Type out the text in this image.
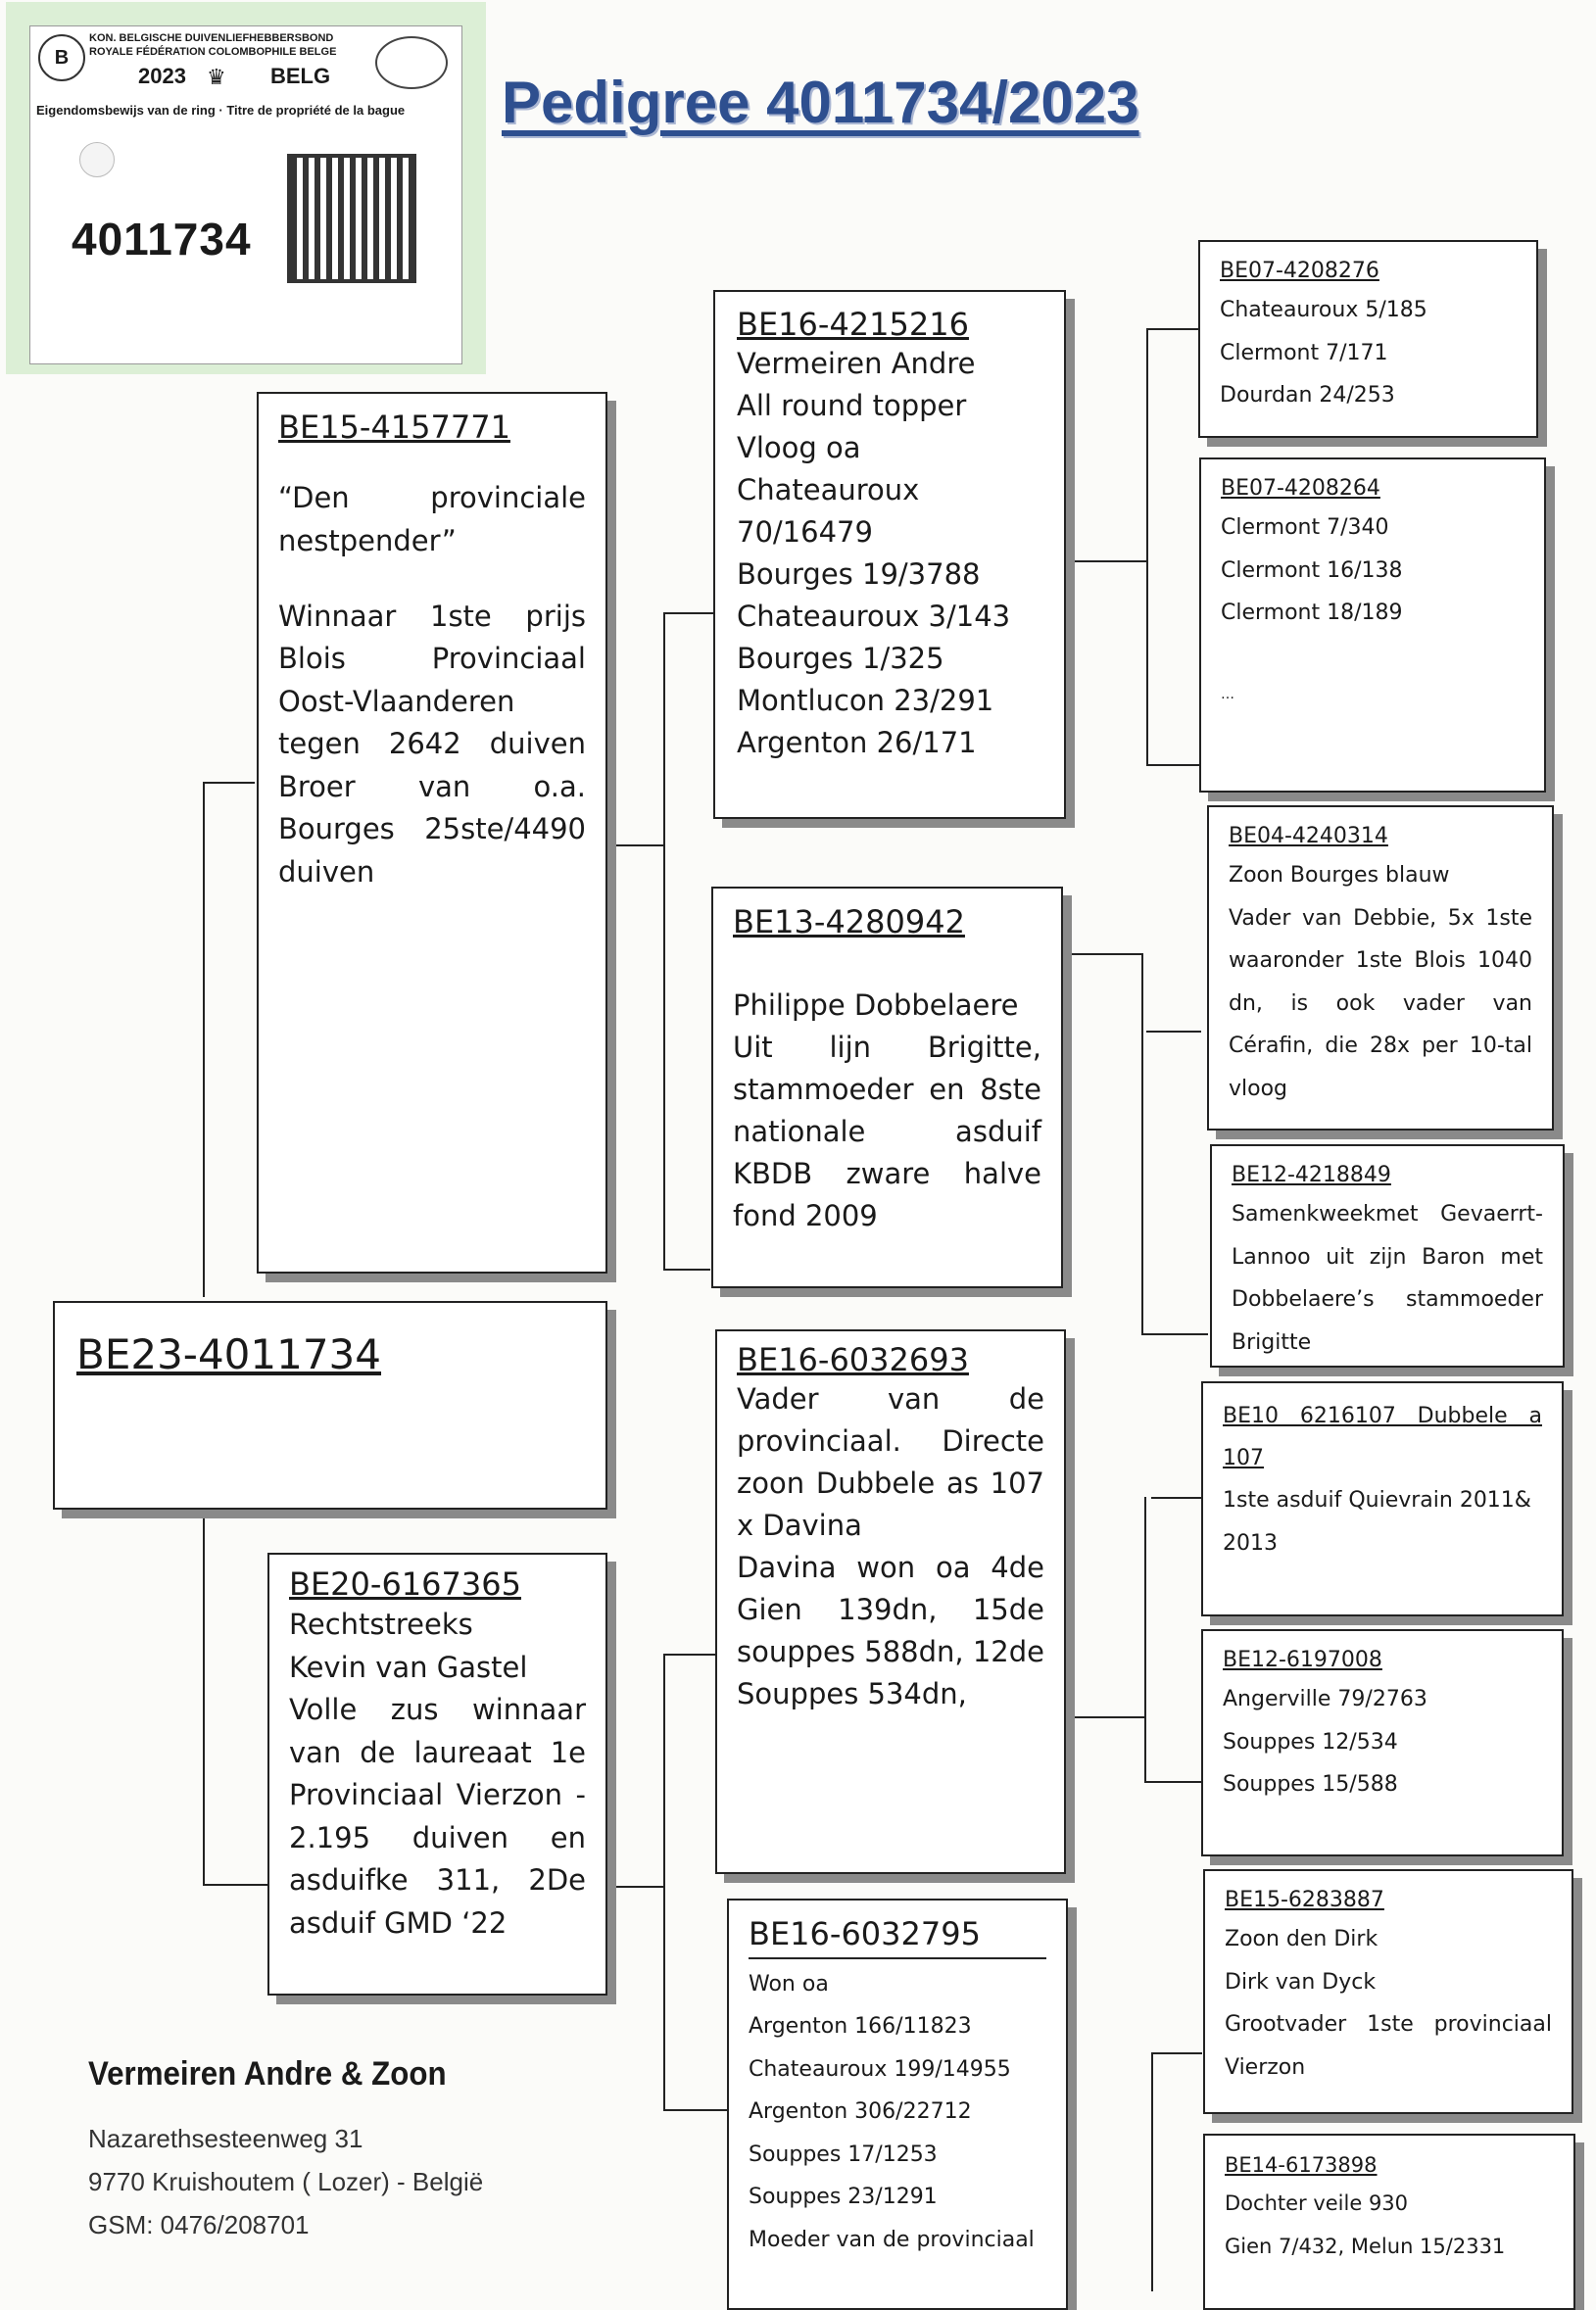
B
KON. BELGISCHE DUIVENLIEFHEBBERSBOND
ROYALE FÉDÉRATION COLOMBOPHILE BELGE
2023 ♛ BELG
Eigendomsbewijs van de ring · Titre de propriété de la bague
4011734
Pedigree 4011734/2023
BE23-4011734
BE15-4157771
“Den provinciale nestpender”
Winnaar 1ste prijs Blois Provinciaal Oost-Vlaanderen tegen 2642 duiven Broer van o.a. Bourges 25ste/4490 duiven
BE20-6167365
Rechtstreeks
Kevin van Gastel
Volle zus winnaar van de laureaat 1e Provinciaal Vierzon - 2.195 duiven en asduifke 311, 2De asduif GMD ‘22
BE16-4215216
Vermeiren Andre
All round topper
Vloog oa
Chateauroux
70/16479
Bourges 19/3788
Chateauroux 3/143
Bourges 1/325
Montlucon 23/291
Argenton 26/171
BE13-4280942
Philippe Dobbelaere
Uit lijn Brigitte, stammoeder en 8ste nationale asduif KBDB zware halve fond 2009
BE16-6032693
Vader van de provinciaal. Directe zoon Dubbele as 107 x Davina
Davina won oa 4de Gien 139dn, 15de souppes 588dn, 12de Souppes 534dn,
BE16-6032795
Won oa
Argenton 166/11823
Chateauroux 199/14955
Argenton 306/22712
Souppes 17/1253
Souppes 23/1291
Moeder van de provinciaal
BE07-4208276
Chateauroux 5/185
Clermont 7/171
Dourdan 24/253
BE07-4208264
Clermont 7/340
Clermont 16/138
Clermont 18/189
…
BE04-4240314
Zoon Bourges blauw
Vader van Debbie, 5x 1ste waaronder 1ste Blois 1040 dn, is ook vader van Cérafin, die 28x per 10-tal vloog
BE12-4218849
Samenkweekmet Gevaerrt-Lannoo uit zijn Baron met Dobbelaere’s stammoeder Brigitte
BE10 6216107 Dubbele a 107
1ste asduif Quievrain 2011& 2013
BE12-6197008
Angerville 79/2763
Souppes 12/534
Souppes 15/588
BE15-6283887
Zoon den Dirk
Dirk van Dyck
Grootvader 1ste provinciaal Vierzon
BE14-6173898
Dochter veile 930
Gien 7/432, Melun 15/2331
Vermeiren Andre & Zoon
Nazarethsesteenweg 31
9770 Kruishoutem ( Lozer) - België
GSM: 0476/208701
